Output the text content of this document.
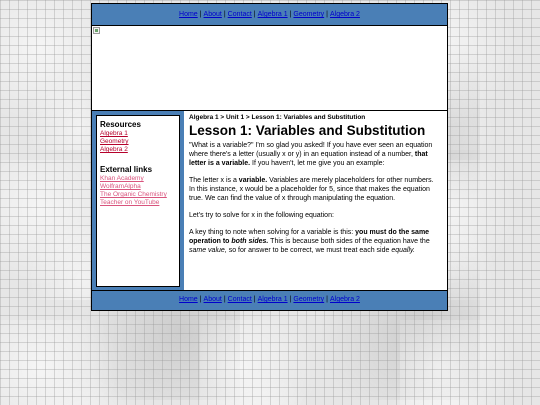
Home | About | Contact | Algebra 1 | Geometry | Algebra 2
Resources
Algebra 1
Geometry
Algebra 2
External links
Khan Academy
WolframAlpha
The Organic Chemistry Teacher on YouTube
Algebra 1 > Unit 1 > Lesson 1: Variables and Substitution
Lesson 1: Variables and Substitution

"What is a variable?" I'm so glad you asked! If you have ever seen an equation where there's a letter (usually x or y) in an equation instead of a number, that letter is a variable. If you haven't, let me give you an example:

The letter x is a variable. Variables are merely placeholders for other numbers. In this instance, x would be a placeholder for 5, since that makes the equation true. We can find the value of x through manipulating the equation.

Let's try to solve for x in the following equation:

A key thing to note when solving for a variable is this: you must do the same operation to both sides. This is because both sides of the equation have the same value, so for answer to be correct, we must treat each side equally.

Home | About | Contact | Algebra 1 | Geometry | Algebra 2
